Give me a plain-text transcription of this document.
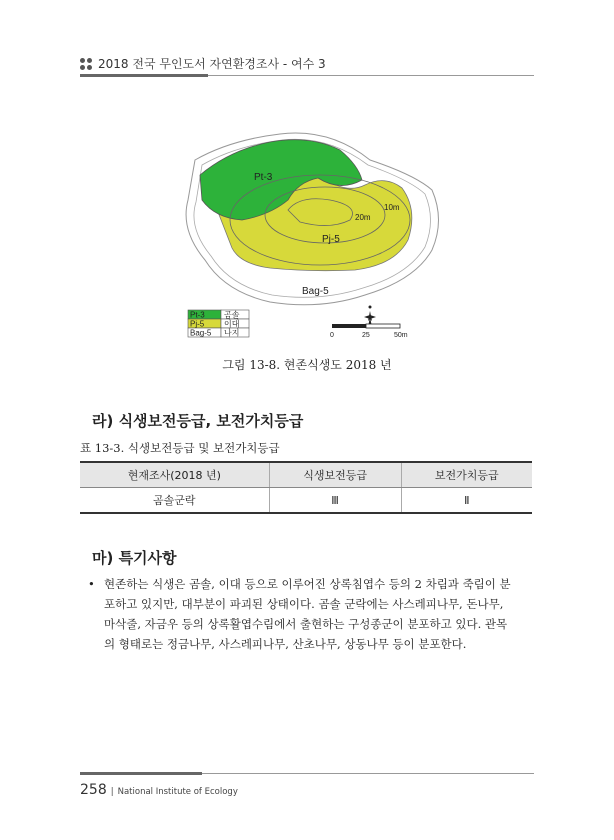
2018 전국 무인도서 자연환경조사 - 여수 3
Pt-3
10m
20m
Pj-5
Bag-5
Pt-3 곰솔
Pj-5 이대
Bag-5 나지	0	25	50m
그림 13-8. 현존식생도 2018 년
라) 식생보전등급, 보전가치등급
표 13-3. 식생보전등급 및 보전가치등급
현재조사(2018 년)	식생보전등급	보전가치등급
곰솔군락	Ⅲ	Ⅱ
마) 특기사항
• 현존하는 식생은 곰솔, 이대 등으로 이루어진 상록침엽수 등의 2 차림과 죽림이 분

포하고 있지만, 대부분이 파괴된 상태이다. 곰솔 군락에는 사스레피나무, 돈나무,

마삭줄, 자금우 등의 상록활엽수림에서 출현하는 구성종군이 분포하고 있다. 관목

의 형태로는 정금나무, 사스레피나무, 산초나무, 상동나무 등이 분포한다.

258 | National Institute of Ecology
